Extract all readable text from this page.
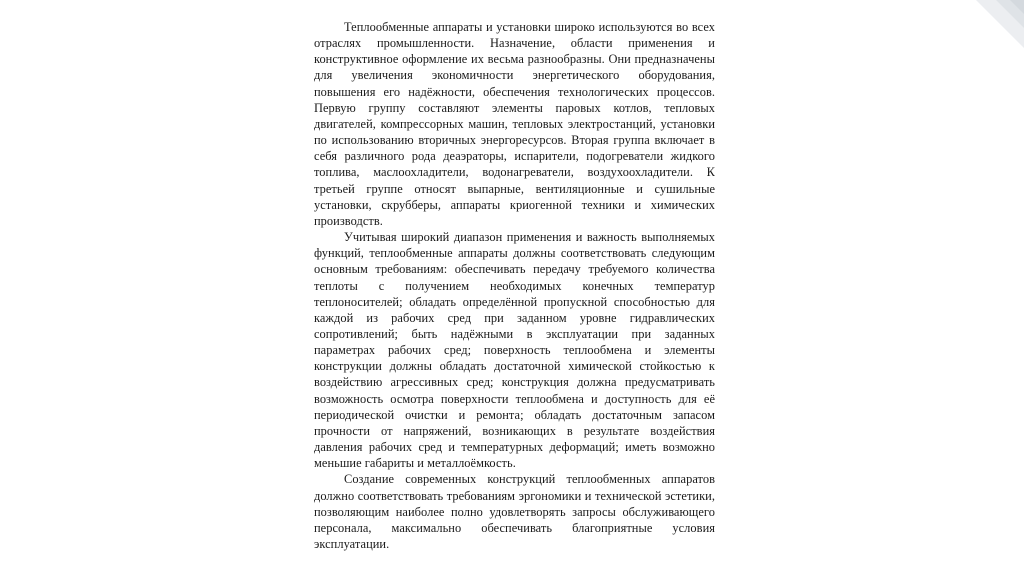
Теплообменные аппараты и установки широко используются во всех отраслях промышленности. Назначение, области применения и конструктивное оформление их весьма разнообразны. Они предназначены для увеличения экономичности энергетического оборудования, повышения его надёжности, обеспечения технологических процессов. Первую группу составляют элементы паровых котлов, тепловых двигателей, компрессорных машин, тепловых электростанций, установки по использованию вторичных энергоресурсов. Вторая группа включает в себя различного рода деаэраторы, испарители, подогреватели жидкого топлива, маслоохладители, водонагреватели, воздухоохладители. К третьей группе относят выпарные, вентиляционные и сушильные установки, скрубберы, аппараты криогенной техники и химических производств.

Учитывая широкий диапазон применения и важность выполняемых функций, теплообменные аппараты должны соответствовать следующим основным требованиям: обеспечивать передачу требуемого количества теплоты с получением необходимых конечных температур теплоносителей; обладать определённой пропускной способностью для каждой из рабочих сред при заданном уровне гидравлических сопротивлений; быть надёжными в эксплуатации при заданных параметрах рабочих сред; поверхность теплообмена и элементы конструкции должны обладать достаточной химической стойкостью к воздействию агрессивных сред; конструкция должна предусматривать возможность осмотра поверхности теплообмена и доступность для её периодической очистки и ремонта; обладать достаточным запасом прочности от напряжений, возникающих в результате воздействия давления рабочих сред и температурных деформаций; иметь возможно меньшие габариты и металлоёмкость.

Создание современных конструкций теплообменных аппаратов должно соответствовать требованиям эргономики и технической эстетики, позволяющим наиболее полно удовлетворять запросы обслуживающего персонала, максимально обеспечивать благоприятные условия эксплуатации.
